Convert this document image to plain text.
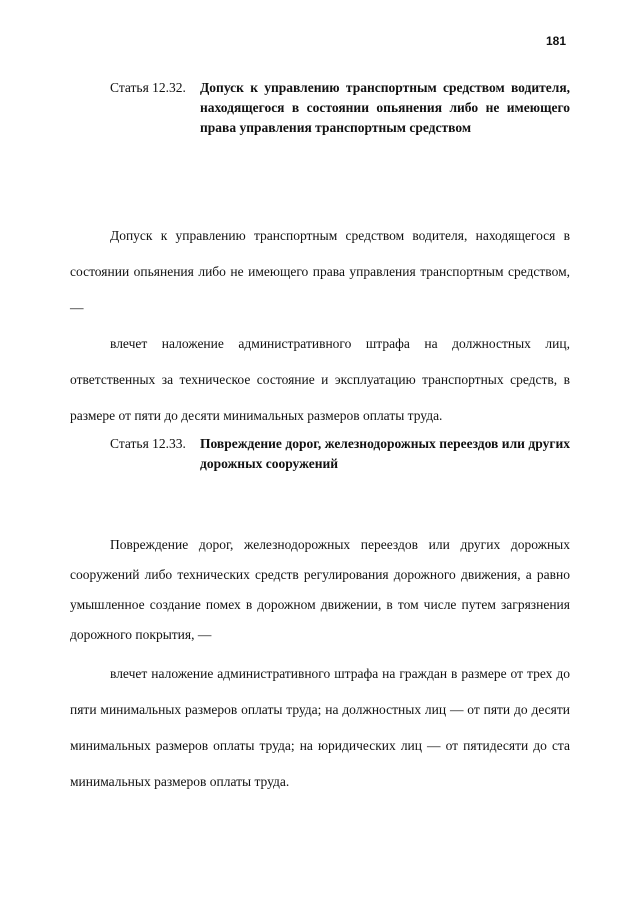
181
Статья 12.32. Допуск к управлению транспортным средством водителя, находящегося в состоянии опьянения либо не имеющего права управления транспортным средством

Допуск к управлению транспортным средством водителя, находящегося в состоянии опьянения либо не имеющего права управления транспортным средством, —

влечет наложение административного штрафа на должностных лиц, ответственных за техническое состояние и эксплуатацию транспортных средств, в размере от пяти до десяти минимальных размеров оплаты труда.

Статья 12.33. Повреждение дорог, железнодорожных переездов или других дорожных сооружений

Повреждение дорог, железнодорожных переездов или других дорожных сооружений либо технических средств регулирования дорожного движения, а равно умышленное создание помех в дорожном движении, в том числе путем загрязнения дорожного покрытия, —

влечет наложение административного штрафа на граждан в размере от трех до пяти минимальных размеров оплаты труда; на должностных лиц — от пяти до десяти минимальных размеров оплаты труда; на юридических лиц — от пятидесяти до ста минимальных размеров оплаты труда.
